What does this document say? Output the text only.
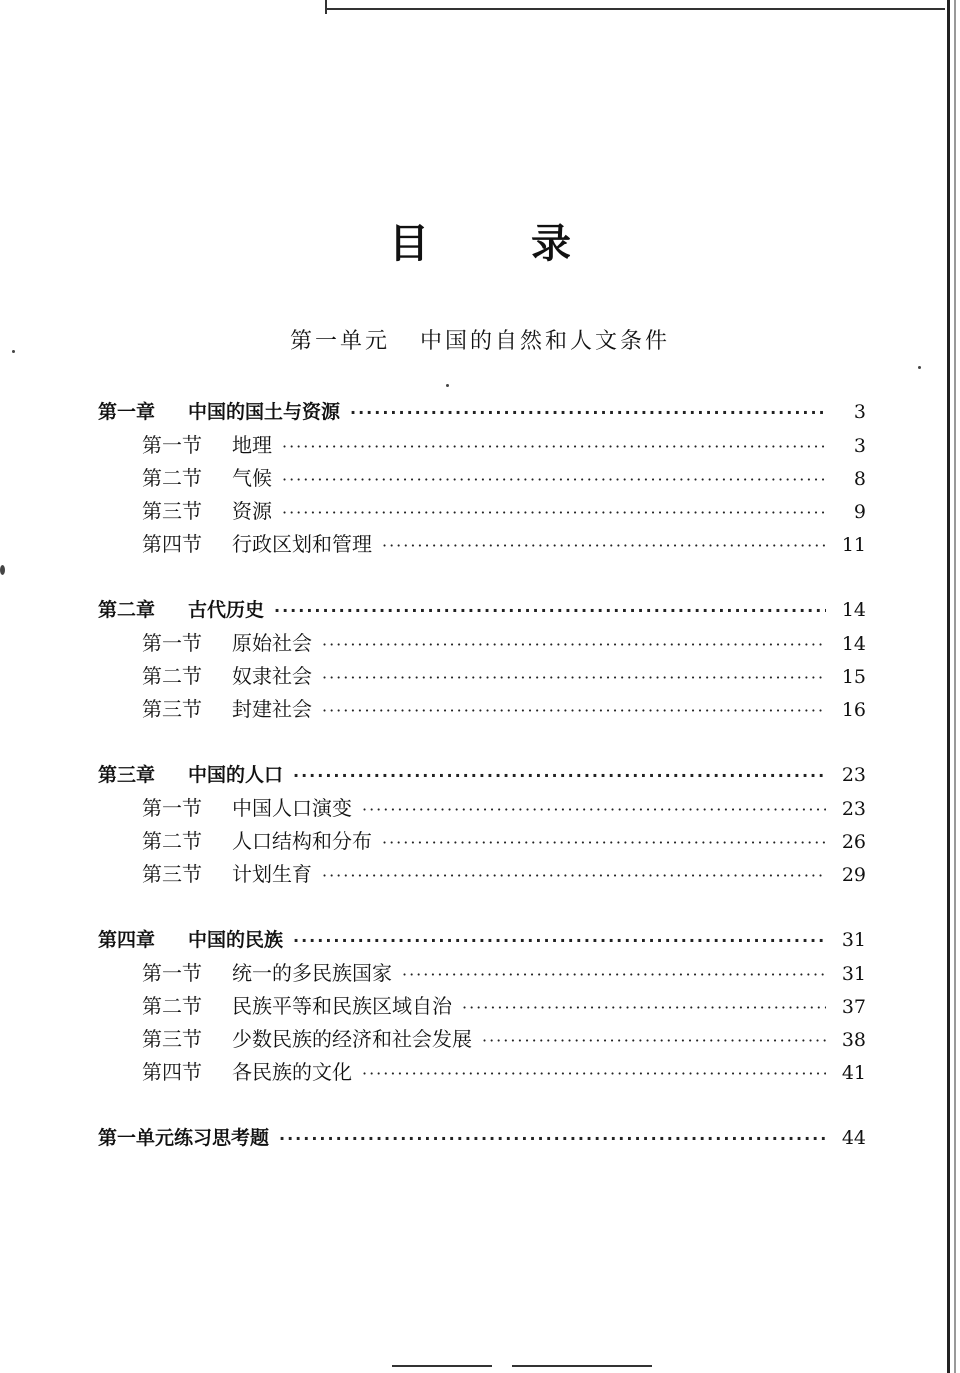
目 录
第一单元 中国的自然和人文条件
第一章	中国的国土与资源 ·····	3
第一节	地理 ·····	3
第二节	气候 ·····	8
第三节	资源 ·····	9
第四节	行政区划和管理 ·····	11
第二章	古代历史 ·····	14
第一节	原始社会 ·····	14
第二节	奴隶社会 ·····	15
第三节	封建社会 ·····	16
第三章	中国的人口 ·····	23
第一节	中国人口演变 ·····	23
第二节	人口结构和分布 ·····	26
第三节	计划生育 ·····	29
第四章	中国的民族 ·····	31
第一节	统一的多民族国家 ·····	31
第二节	民族平等和民族区域自治 ·····	37
第三节	少数民族的经济和社会发展 ·····	38
第四节	各民族的文化 ·····	41
第一单元练习思考题 ·····	44
